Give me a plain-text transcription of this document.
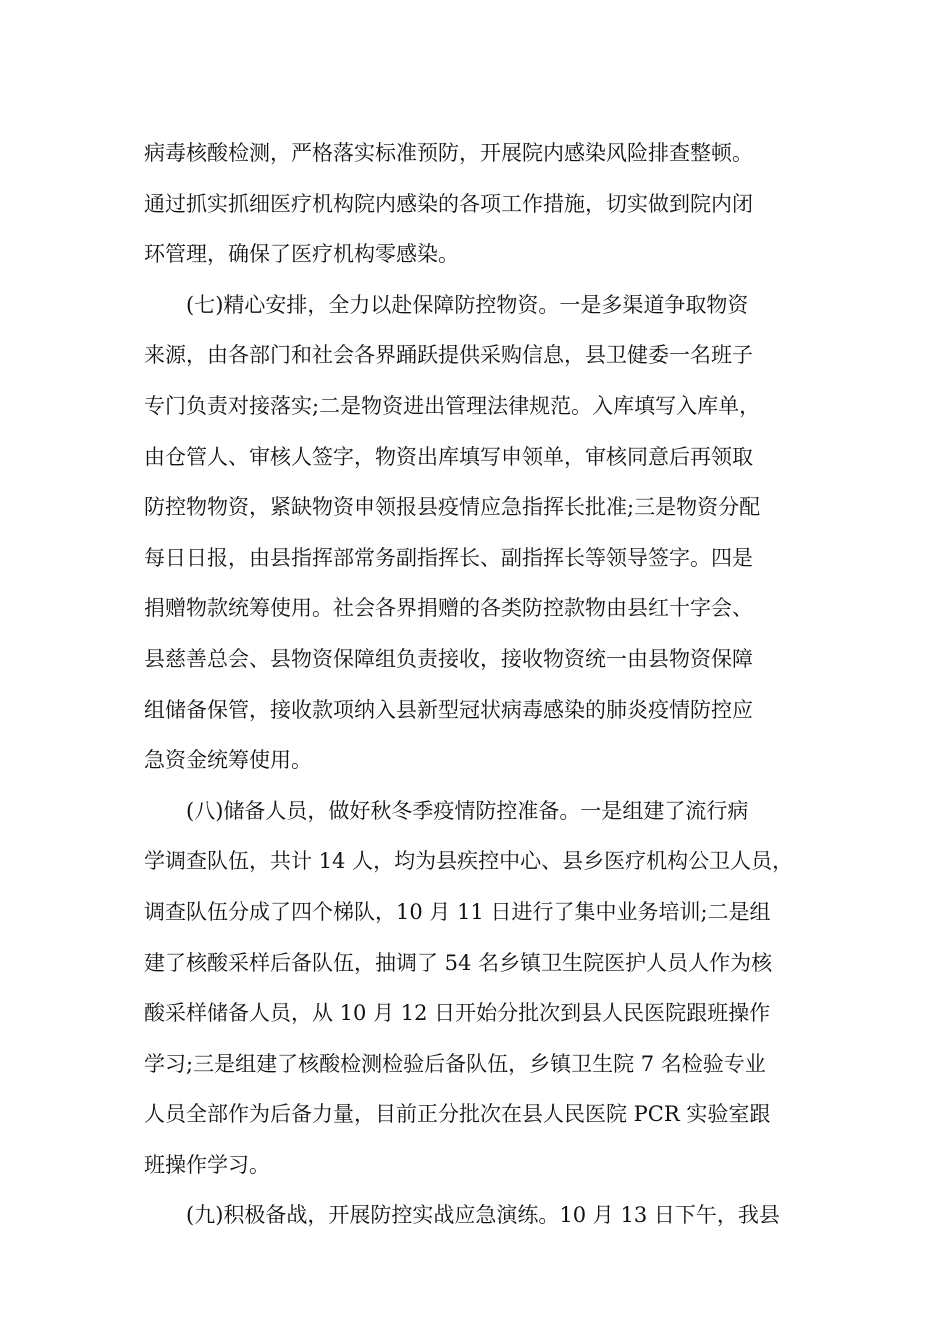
病毒核酸检测，严格落实标准预防，开展院内感染风险排查整顿。
通过抓实抓细医疗机构院内感染的各项工作措施，切实做到院内闭
环管理，确保了医疗机构零感染。
(七)精心安排，全力以赴保障防控物资。一是多渠道争取物资
来源，由各部门和社会各界踊跃提供采购信息，县卫健委一名班子
专门负责对接落实;二是物资进出管理法律规范。入库填写入库单，
由仓管人、审核人签字，物资出库填写申领单，审核同意后再领取
防控物物资，紧缺物资申领报县疫情应急指挥长批准;三是物资分配
每日日报，由县指挥部常务副指挥长、副指挥长等领导签字。四是
捐赠物款统筹使用。社会各界捐赠的各类防控款物由县红十字会、
县慈善总会、县物资保障组负责接收，接收物资统一由县物资保障
组储备保管，接收款项纳入县新型冠状病毒感染的肺炎疫情防控应
急资金统筹使用。
(八)储备人员，做好秋冬季疫情防控准备。一是组建了流行病
学调查队伍，共计 14 人，均为县疾控中心、县乡医疗机构公卫人员，
调查队伍分成了四个梯队，10 月 11 日进行了集中业务培训;二是组
建了核酸采样后备队伍，抽调了 54 名乡镇卫生院医护人员人作为核
酸采样储备人员，从 10 月 12 日开始分批次到县人民医院跟班操作
学习;三是组建了核酸检测检验后备队伍，乡镇卫生院 7 名检验专业
人员全部作为后备力量，目前正分批次在县人民医院 PCR 实验室跟
班操作学习。
(九)积极备战，开展防控实战应急演练。10 月 13 日下午，我县
